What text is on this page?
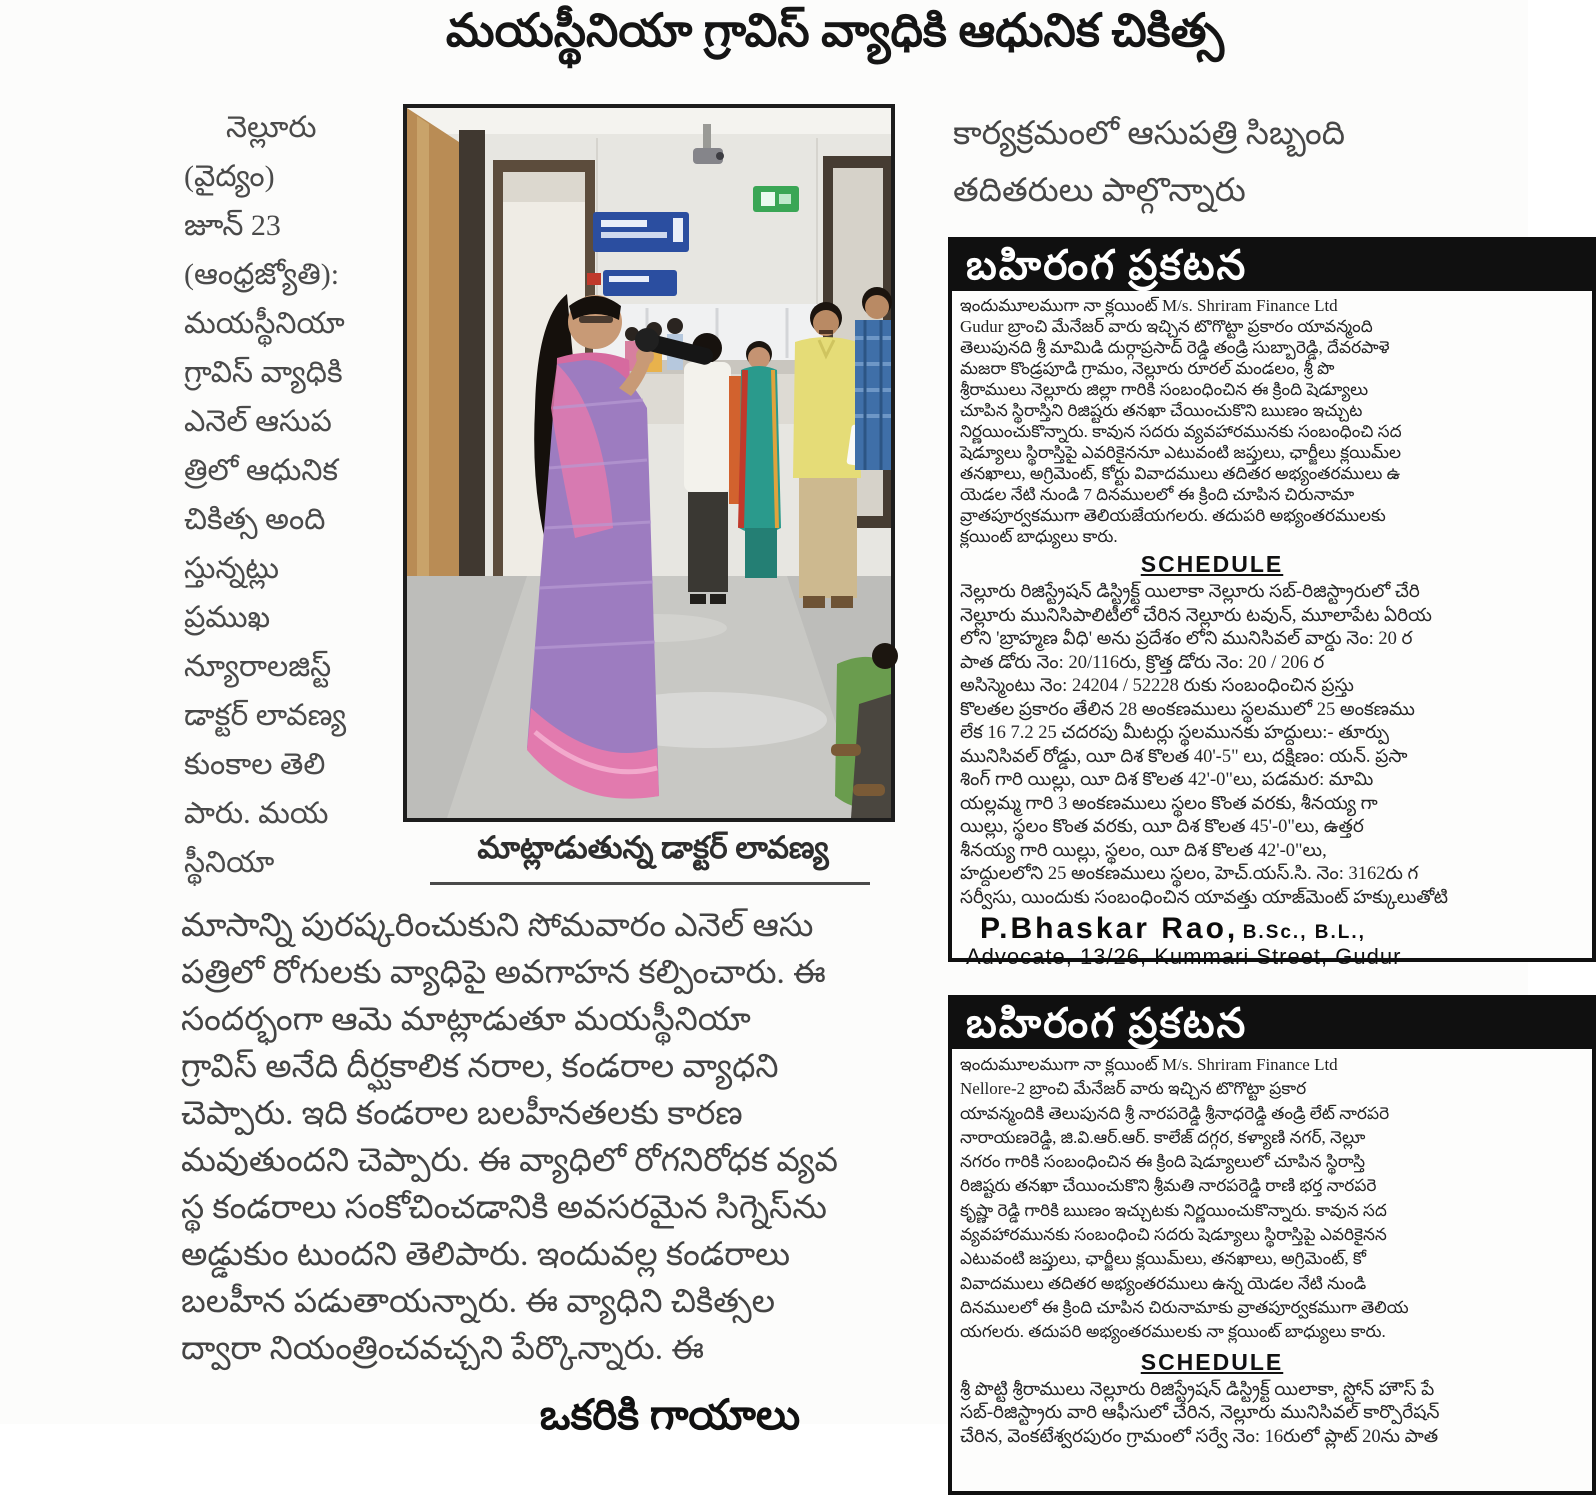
మయస్థీనియా గ్రావిస్ వ్యాధికి ఆధునిక చికిత్స
నెల్లూరు
(వైద్యం)
జూన్ 23
(ఆంధ్రజ్యోతి):
మయస్థీనియా
గ్రావిస్ వ్యాధికి
ఎనెల్ ఆసుప
త్రిలో ఆధునిక
చికిత్స అంది
స్తున్నట్లు
ప్రముఖ
న్యూరాలజిస్ట్
డాక్టర్ లావణ్య
కుంకాల తెలి
పారు. మయ
స్థీనియా	మాట్లాడుతున్న డాక్టర్ లావణ్య
మాసాన్ని పురష్కరించుకుని సోమవారం ఎనెల్ ఆసు
పత్రిలో రోగులకు వ్యాధిపై అవగాహన కల్పించారు. ఈ
సందర్భంగా ఆమె మాట్లాడుతూ మయస్థీనియా
గ్రావిస్ అనేది దీర్ఘకాలిక నరాల, కండరాల వ్యాధని
చెప్పారు. ఇది కండరాల బలహీనతలకు కారణ
మవుతుందని చెప్పారు. ఈ వ్యాధిలో రోగనిరోధక వ్యవ
స్థ కండరాలు సంకోచించడానికి అవసరమైన సిగ్నెస్‌ను
అడ్డుకుం టుందని తెలిపారు. ఇందువల్ల కండరాలు
బలహీన పడుతాయన్నారు. ఈ వ్యాధిని చికిత్సల
ద్వారా నియంత్రించవచ్చని పేర్కొన్నారు. ఈ
ఒకరికి గాయాలు
కార్యక్రమంలో ఆసుపత్రి సిబ్బంది
తదితరులు పాల్గొన్నారు
బహిరంగ ప్రకటన
ఇందుమూలముగా నా క్లయింట్ M/s. Shriram Finance Ltd
Gudur బ్రాంచి మేనేజర్ వారు ఇచ్చిన టొగొట్టా ప్రకారం యావన్మంది
తెలుపునది శ్రీ మామిడి దుర్గాప్రసాద్ రెడ్డి తండ్రి సుబ్బారెడ్డి, దేవరపాళె
మజరా కొండ్రపూడి గ్రామం, నెల్లూరు రూరల్ మండలం, శ్రీ పొ
శ్రీరాములు నెల్లూరు జిల్లా గారికి సంబంధించిన ఈ క్రింది షెడ్యూలు
చూపిన స్థిరాస్తిని రిజిష్టరు తనఖా చేయించుకొని ఋణం ఇచ్చుట
నిర్ణయించుకొన్నారు. కావున సదరు వ్యవహారమునకు సంబంధించి సద
షెడ్యూలు స్థిరాస్తిపై ఎవరికైననూ ఎటువంటి జప్తులు, ఛార్జీలు క్లయిమ్‌ల
తనఖాలు, అగ్రిమెంట్, కోర్టు వివాదములు తదితర అభ్యంతరములు ఉ
యెడల నేటి నుండి 7 దినములలో ఈ క్రింది చూపిన చిరునామా
వ్రాతపూర్వకముగా తెలియజేయగలరు. తదుపరి అభ్యంతరములకు
క్లయింట్ బాధ్యులు కారు.
SCHEDULE
నెల్లూరు రిజిస్ట్రేషన్ డిస్ట్రిక్ట్ యిలాకా నెల్లూరు సబ్-రిజిస్ట్రారులో చేరి
నెల్లూరు మునిసిపాలిటీలో చేరిన నెల్లూరు టవున్, మూలాపేట ఏరియ
లోని 'బ్రాహ్మణ వీధి' అను ప్రదేశం లోని మునిసివల్ వార్డు నెం: 20 ర
పాత డోరు నెం: 20/116రు, క్రొత్త డోరు నెం: 20 / 206 ర
అసిస్మెంటు నెం: 24204 / 52228 రుకు సంబంధించిన ప్రస్తు
కొలతల ప్రకారం తేలిన 28 అంకణములు స్థలములో 25 అంకణము
లేక 16 7.2 25 చదరపు మీటర్లు స్థలమునకు హద్దులు:- తూర్పు
మునిసివల్ రోడ్డు, యీ దిశ కొలత 40'-5" లు, దక్షిణం: యన్. ప్రసా
శింగ్ గారి యిల్లు, యీ దిశ కొలత 42'-0"లు, పడమర: మామి
యల్లమ్మ గారి 3 అంకణములు స్థలం కొంత వరకు, శీనయ్య గా
యిల్లు, స్థలం కొంత వరకు, యీ దిశ కొలత 45'-0"లు, ఉత్తర
శీనయ్య గారి యిల్లు, స్థలం, యీ దిశ కొలత 42'-0"లు,
హద్దులలోని 25 అంకణములు స్థలం, హెచ్.యస్.సి. నెం: 3162రు గ
సర్వీసు, యిందుకు సంబంధించిన యావత్తు యాజ్‌మెంట్ హక్కులుతోటి
P.Bhaskar Rao, B.Sc., B.L.,
Advocate, 13/26, Kummari Street, Gudur
బహిరంగ ప్రకటన
ఇందుమూలముగా నా క్లయింట్ M/s. Shriram Finance Ltd
Nellore-2 బ్రాంచి మేనేజర్ వారు ఇచ్చిన టొగొట్టా ప్రకార
యావన్మందికి తెలుపునది శ్రీ నారపరెడ్డి శ్రీనాధరెడ్డి తండ్రి లేట్ నారపరె
నారాయణరెడ్డి, జి.వి.ఆర్.ఆర్. కాలేజ్ దగ్గర, కళ్యాణి నగర్, నెల్లూ
నగరం గారికి సంబంధించిన ఈ క్రింది షెడ్యూలులో చూపిన స్థిరాస్తి
రిజిష్టరు తనఖా చేయించుకొని శ్రీమతి నారపరెడ్డి రాణి భర్త నారపరె
కృష్ణా రెడ్డి గారికి ఋణం ఇచ్చుటకు నిర్ణయించుకొన్నారు. కావున సద
వ్యవహారమునకు సంబంధించి సదరు షెడ్యూలు స్థిరాస్తిపై ఎవరికైనన
ఎటువంటి జప్తులు, ఛార్జీలు క్లయిమ్‌లు, తనఖాలు, అగ్రిమెంట్, కో
వివాదములు తదితర అభ్యంతరములు ఉన్న యెడల నేటి నుండి
దినములలో ఈ క్రింది చూపిన చిరునామాకు వ్రాతపూర్వకముగా తెలియ
యగలరు. తదుపరి అభ్యంతరములకు నా క్లయింట్ బాధ్యులు కారు.
SCHEDULE
శ్రీ పొట్టి శ్రీరాములు నెల్లూరు రిజిస్ట్రేషన్ డిస్ట్రిక్ట్ యిలాకా, స్టోన్ హౌస్ పే
సబ్-రిజిస్ట్రారు వారి ఆఫీసులో చేరిన, నెల్లూరు మునిసివల్ కార్పొరేషన్
చేరిన, వెంకటేశ్వరపురం గ్రామంలో సర్వే నెం: 16రులో ప్లాట్ 20ను పాత
